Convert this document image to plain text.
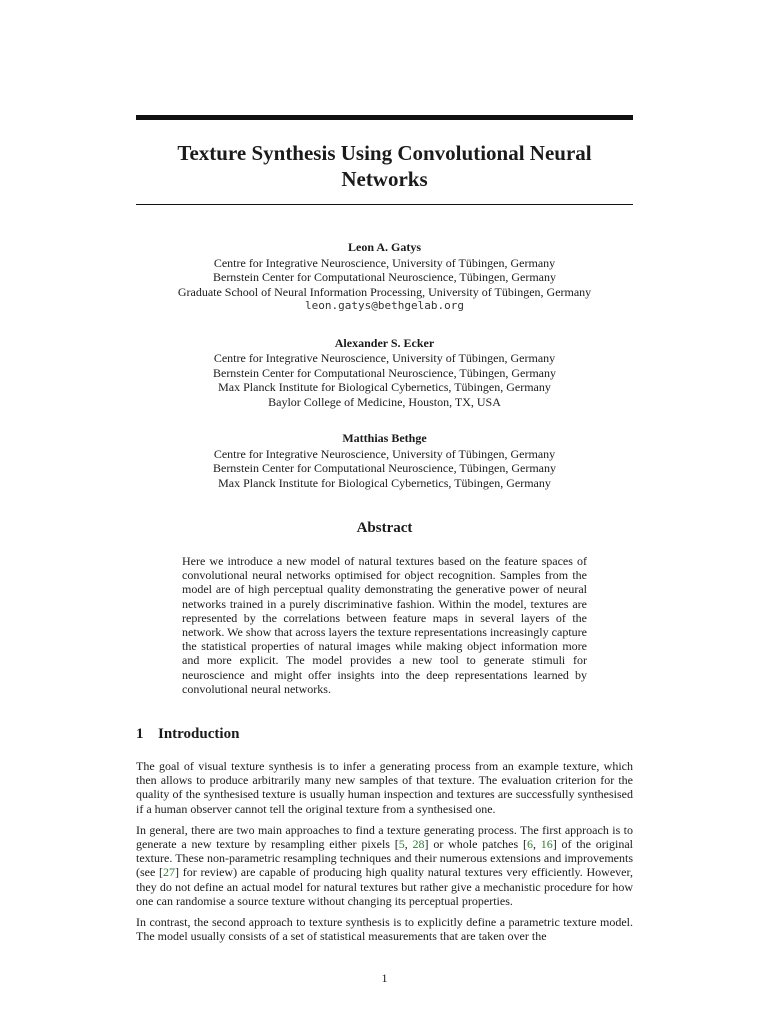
Texture Synthesis Using Convolutional Neural Networks
Leon A. Gatys
Centre for Integrative Neuroscience, University of Tübingen, Germany
Bernstein Center for Computational Neuroscience, Tübingen, Germany
Graduate School of Neural Information Processing, University of Tübingen, Germany
leon.gatys@bethgelab.org
Alexander S. Ecker
Centre for Integrative Neuroscience, University of Tübingen, Germany
Bernstein Center for Computational Neuroscience, Tübingen, Germany
Max Planck Institute for Biological Cybernetics, Tübingen, Germany
Baylor College of Medicine, Houston, TX, USA
Matthias Bethge
Centre for Integrative Neuroscience, University of Tübingen, Germany
Bernstein Center for Computational Neuroscience, Tübingen, Germany
Max Planck Institute for Biological Cybernetics, Tübingen, Germany
Abstract
Here we introduce a new model of natural textures based on the feature spaces of convolutional neural networks optimised for object recognition. Samples from the model are of high perceptual quality demonstrating the generative power of neural networks trained in a purely discriminative fashion. Within the model, textures are represented by the correlations between feature maps in several layers of the network. We show that across layers the texture representations increasingly capture the statistical properties of natural images while making object information more and more explicit. The model provides a new tool to generate stimuli for neuroscience and might offer insights into the deep representations learned by convolutional neural networks.
1 Introduction

The goal of visual texture synthesis is to infer a generating process from an example texture, which then allows to produce arbitrarily many new samples of that texture. The evaluation criterion for the quality of the synthesised texture is usually human inspection and textures are successfully synthesised if a human observer cannot tell the original texture from a synthesised one.

In general, there are two main approaches to find a texture generating process. The first approach is to generate a new texture by resampling either pixels [5, 28] or whole patches [6, 16] of the original texture. These non-parametric resampling techniques and their numerous extensions and improvements (see [27] for review) are capable of producing high quality natural textures very efficiently. However, they do not define an actual model for natural textures but rather give a mechanistic procedure for how one can randomise a source texture without changing its perceptual properties.

In contrast, the second approach to texture synthesis is to explicitly define a parametric texture model. The model usually consists of a set of statistical measurements that are taken over the

1
